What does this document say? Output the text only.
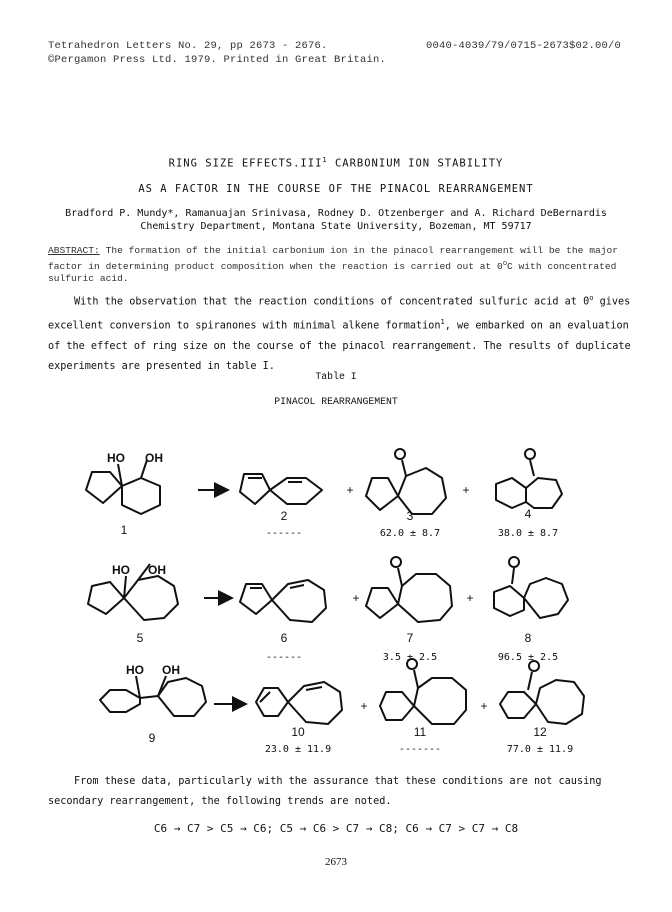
Tetrahedron Letters No. 29, pp 2673 - 2676.
©Pergamon Press Ltd. 1979. Printed in Great Britain.
0040-4039/79/0715-2673$02.00/0
RING SIZE EFFECTS.III$^1$ CARBONIUM ION STABILITY
AS A FACTOR IN THE COURSE OF THE PINACOL REARRANGEMENT
Bradford P. Mundy*, Ramanuajan Srinivasa, Rodney D. Otzenberger and A. Richard DeBernardis
Chemistry Department, Montana State University, Bozeman, MT 59717
ABSTRACT: The formation of the initial carbonium ion in the pinacol rearrangement will be the major factor in determining product composition when the reaction is carried out at 0$^o$C with concentrated sulfuric acid.
With the observation that the reaction conditions of concentrated sulfuric acid at 0$^o$ gives excellent conversion to spiranones with minimal alkene formation$^1$, we embarked on an evaluation of the effect of ring size on the course of the pinacol rearrangement. The results of duplicate experiments are presented in table I.
Table I
PINACOL REARRANGEMENT
HO OH
1
2
------
+
3
62.0 ± 8.7
+
4
38.0 ± 8.7
HO OH
5	6
------
+
7
3.5 ± 2.5
+
8
96.5 ± 2.5
HO OH
9	10
23.0 ± 11.9
+
11
-------
+
12
77.0 ± 11.9
From these data, particularly with the assurance that these conditions are not causing secondary rearrangement, the following trends are noted.
C6 → C7 > C5 → C6; C5 → C6 > C7 → C8; C6 → C7 > C7 → C8
2673
